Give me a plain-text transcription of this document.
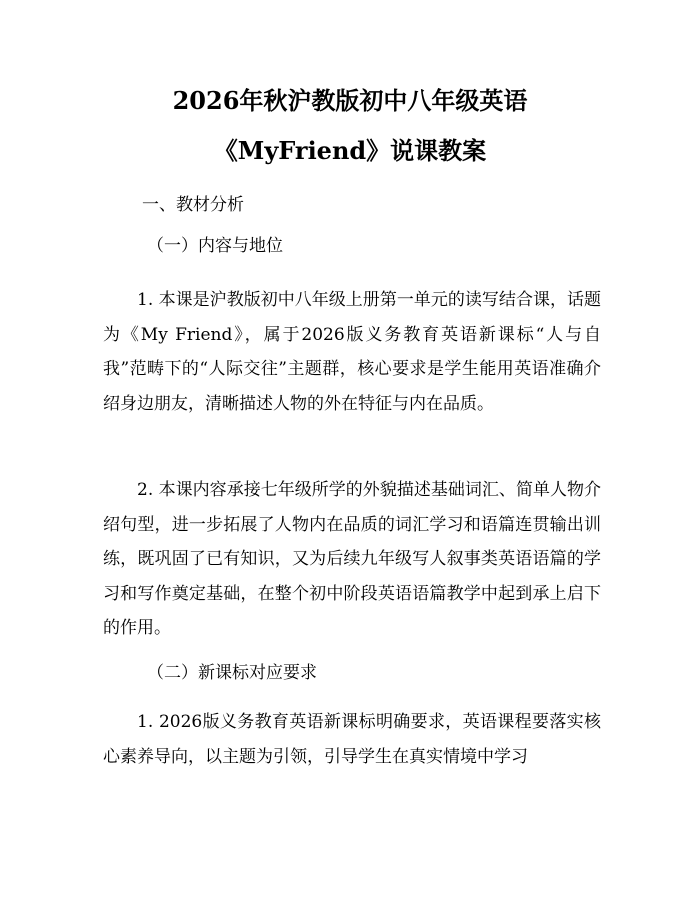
2026年秋沪教版初中八年级英语
《MyFriend》说课教案
一、教材分析
（一）内容与地位

1. 本课是沪教版初中八年级上册第一单元的读写结合课，话题为《My Friend》，属于2026版义务教育英语新课标“人与自我”范畴下的“人际交往”主题群，核心要求是学生能用英语准确介绍身边朋友，清晰描述人物的外在特征与内在品质。

2. 本课内容承接七年级所学的外貌描述基础词汇、简单人物介绍句型，进一步拓展了人物内在品质的词汇学习和语篇连贯输出训练，既巩固了已有知识，又为后续九年级写人叙事类英语语篇的学习和写作奠定基础，在整个初中阶段英语语篇教学中起到承上启下的作用。

（二）新课标对应要求

1. 2026版义务教育英语新课标明确要求，英语课程要落实核心素养导向，以主题为引领，引导学生在真实情境中学习
